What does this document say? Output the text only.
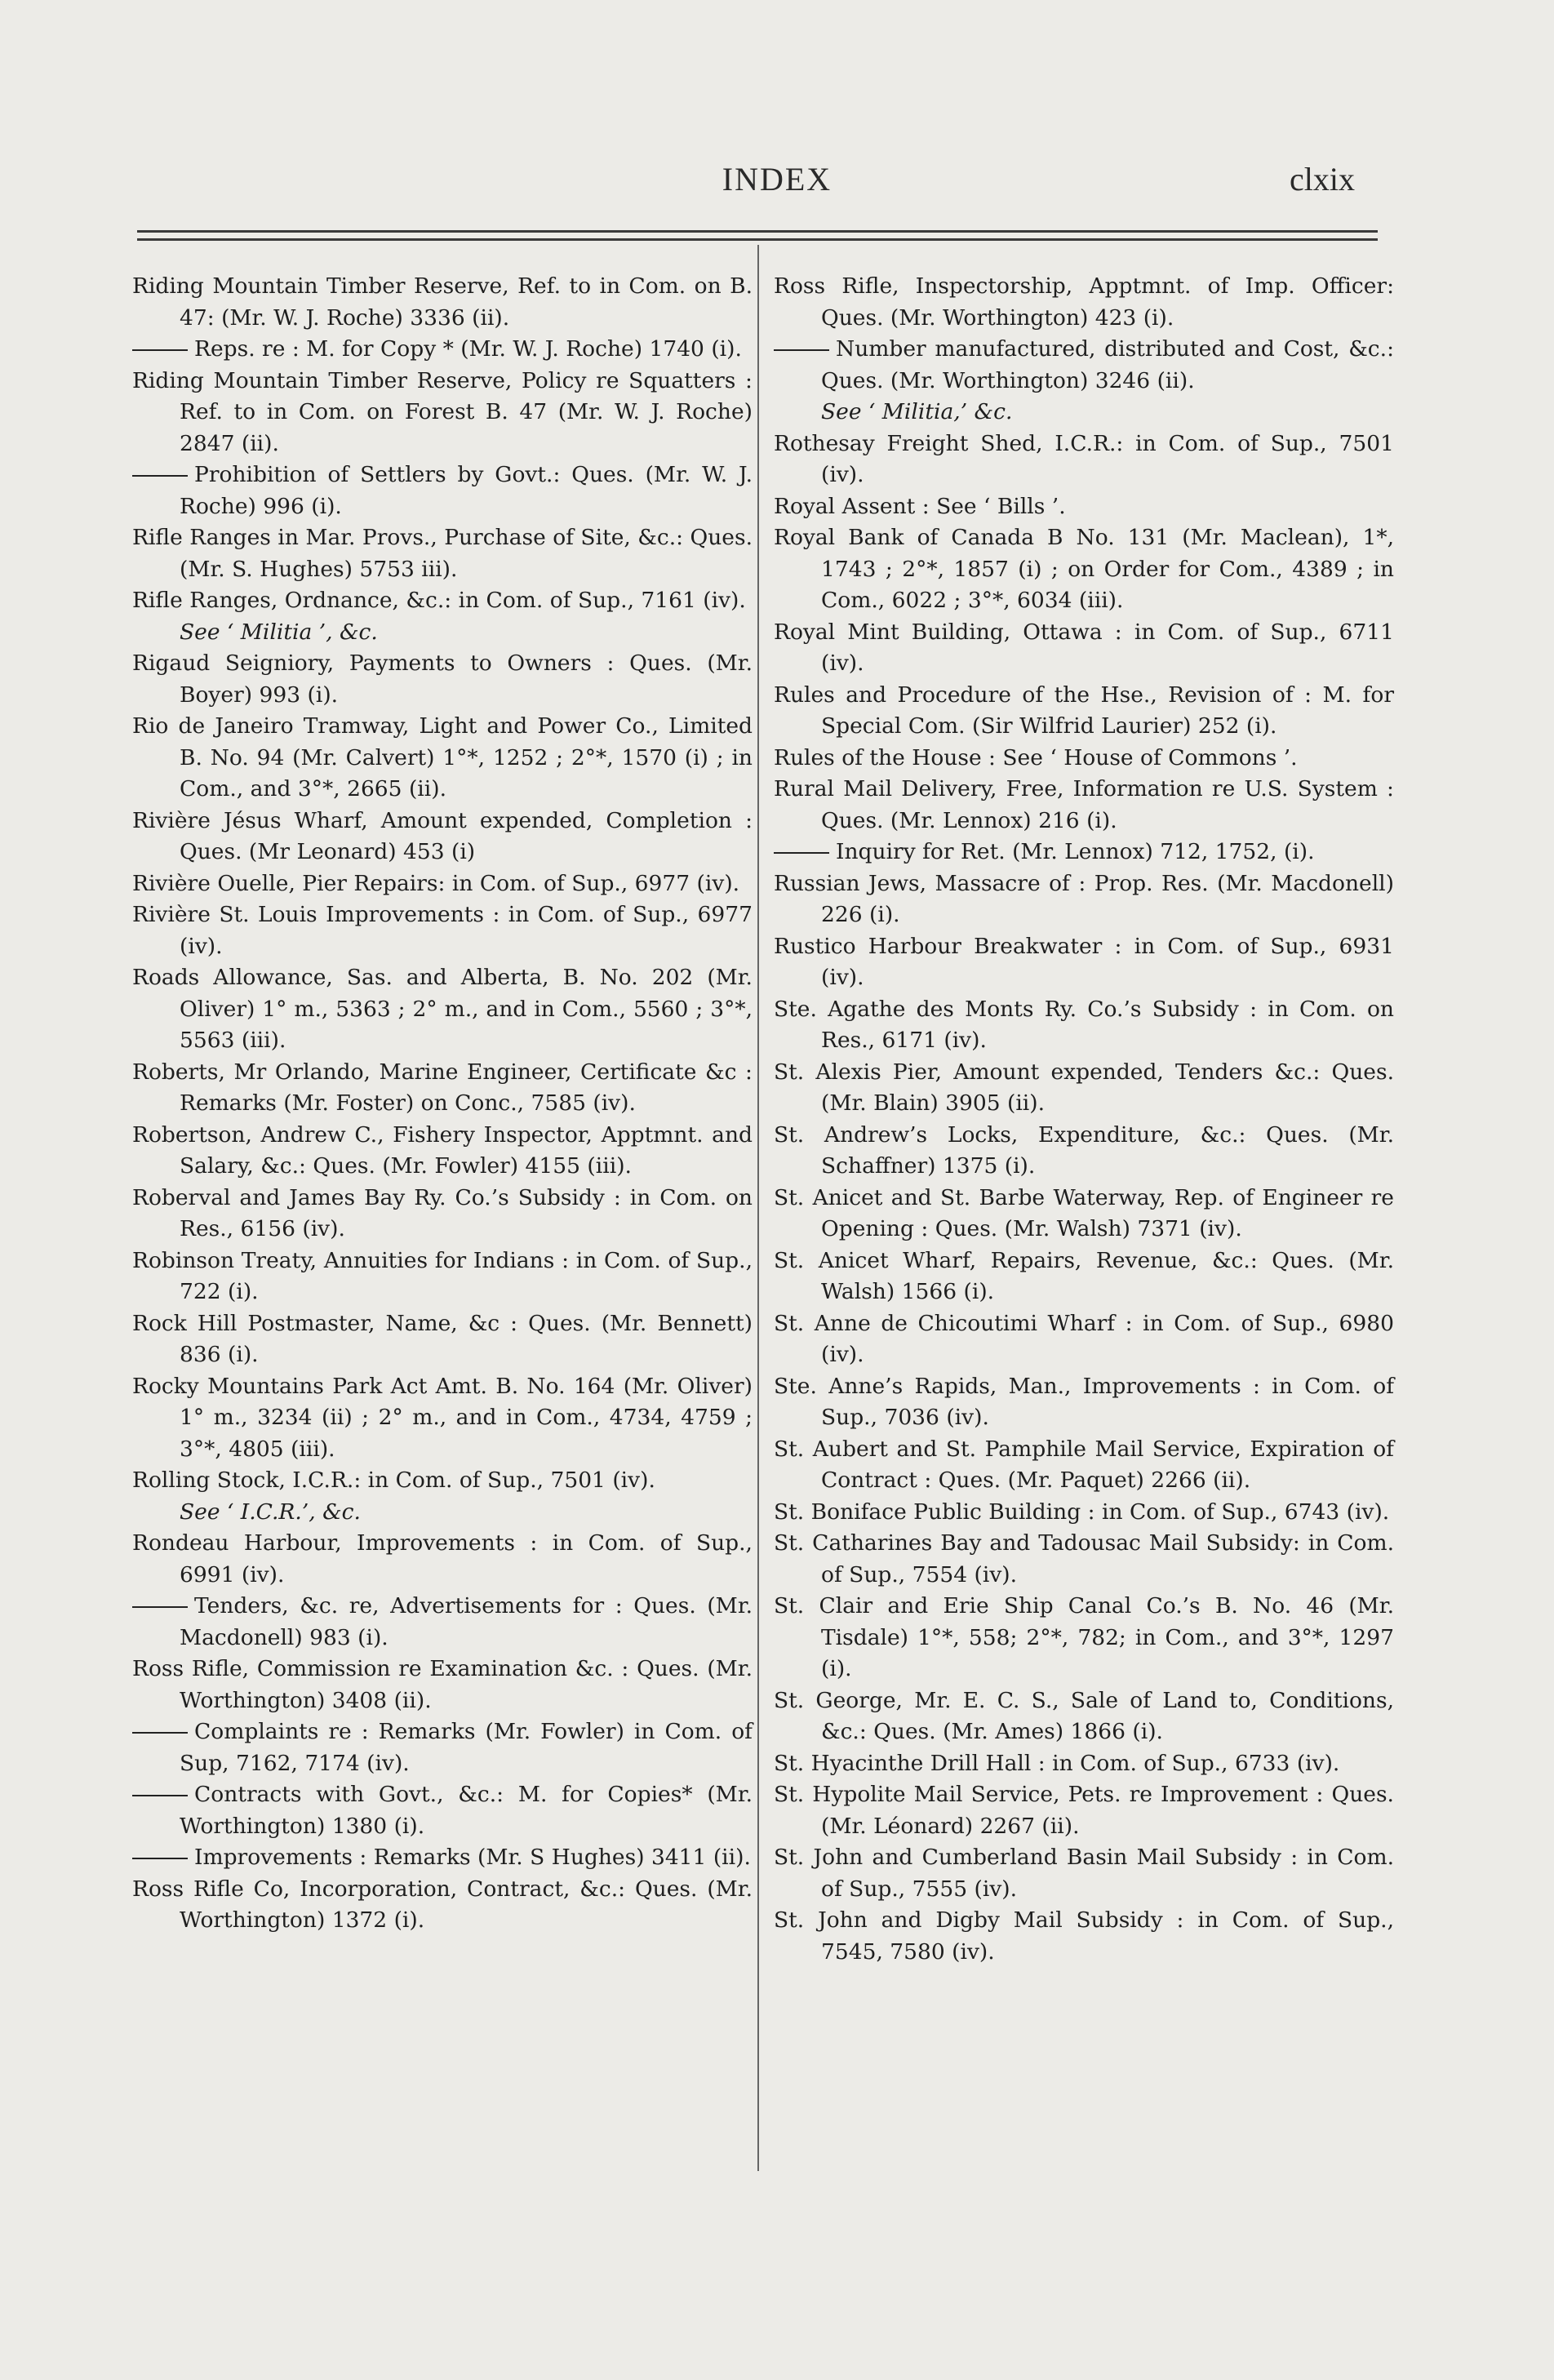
INDEX	clxix
Riding Mountain Timber Reserve, Ref. to in Com. on B. 47: (Mr. W. J. Roche) 3336 (ii).
Reps. re : M. for Copy * (Mr. W. J. Roche) 1740 (i).
Riding Mountain Timber Reserve, Policy re Squatters : Ref. to in Com. on Forest B. 47 (Mr. W. J. Roche) 2847 (ii).
Prohibition of Settlers by Govt.: Ques. (Mr. W. J. Roche) 996 (i).
Rifle Ranges in Mar. Provs., Purchase of Site, &c.: Ques. (Mr. S. Hughes) 5753 iii).
Rifle Ranges, Ordnance, &c.: in Com. of Sup., 7161 (iv).
See ‘ Militia ’, &c.
Rigaud Seigniory, Payments to Owners : Ques. (Mr. Boyer) 993 (i).
Rio de Janeiro Tramway, Light and Power Co., Limited B. No. 94 (Mr. Calvert) 1°*, 1252 ; 2°*, 1570 (i) ; in Com., and 3°*, 2665 (ii).
Rivière Jésus Wharf, Amount expended, Completion : Ques. (Mr Leonard) 453 (i)
Rivière Ouelle, Pier Repairs: in Com. of Sup., 6977 (iv).
Rivière St. Louis Improvements : in Com. of Sup., 6977 (iv).
Roads Allowance, Sas. and Alberta, B. No. 202 (Mr. Oliver) 1° m., 5363 ; 2° m., and in Com., 5560 ; 3°*, 5563 (iii).
Roberts, Mr Orlando, Marine Engineer, Certificate &c : Remarks (Mr. Foster) on Conc., 7585 (iv).
Robertson, Andrew C., Fishery Inspector, Apptmnt. and Salary, &c.: Ques. (Mr. Fowler) 4155 (iii).
Roberval and James Bay Ry. Co.’s Subsidy : in Com. on Res., 6156 (iv).
Robinson Treaty, Annuities for Indians : in Com. of Sup., 722 (i).
Rock Hill Postmaster, Name, &c : Ques. (Mr. Bennett) 836 (i).
Rocky Mountains Park Act Amt. B. No. 164 (Mr. Oliver) 1° m., 3234 (ii) ; 2° m., and in Com., 4734, 4759 ; 3°*, 4805 (iii).
Rolling Stock, I.C.R.: in Com. of Sup., 7501 (iv).
See ‘ I.C.R.’, &c.
Rondeau Harbour, Improvements : in Com. of Sup., 6991 (iv).
Tenders, &c. re, Advertisements for : Ques. (Mr. Macdonell) 983 (i).
Ross Rifle, Commission re Examination &c. : Ques. (Mr. Worthington) 3408 (ii).
Complaints re : Remarks (Mr. Fowler) in Com. of Sup, 7162, 7174 (iv).
Contracts with Govt., &c.: M. for Copies* (Mr. Worthington) 1380 (i).
Improvements : Remarks (Mr. S Hughes) 3411 (ii).
Ross Rifle Co, Incorporation, Contract, &c.: Ques. (Mr. Worthington) 1372 (i).
Ross Rifle, Inspectorship, Apptmnt. of Imp. Officer: Ques. (Mr. Worthington) 423 (i).
Number manufactured, distributed and Cost, &c.: Ques. (Mr. Worthington) 3246 (ii).
See ‘ Militia,’ &c.
Rothesay Freight Shed, I.C.R.: in Com. of Sup., 7501 (iv).
Royal Assent : See ‘ Bills ’.
Royal Bank of Canada B No. 131 (Mr. Maclean), 1*, 1743 ; 2°*, 1857 (i) ; on Order for Com., 4389 ; in Com., 6022 ; 3°*, 6034 (iii).
Royal Mint Building, Ottawa : in Com. of Sup., 6711 (iv).
Rules and Procedure of the Hse., Revision of : M. for Special Com. (Sir Wilfrid Laurier) 252 (i).
Rules of the House : See ‘ House of Commons ’.
Rural Mail Delivery, Free, Information re U.S. System : Ques. (Mr. Lennox) 216 (i).
Inquiry for Ret. (Mr. Lennox) 712, 1752, (i).
Russian Jews, Massacre of : Prop. Res. (Mr. Macdonell) 226 (i).
Rustico Harbour Breakwater : in Com. of Sup., 6931 (iv).
Ste. Agathe des Monts Ry. Co.’s Subsidy : in Com. on Res., 6171 (iv).
St. Alexis Pier, Amount expended, Tenders &c.: Ques. (Mr. Blain) 3905 (ii).
St. Andrew’s Locks, Expenditure, &c.: Ques. (Mr. Schaffner) 1375 (i).
St. Anicet and St. Barbe Waterway, Rep. of Engineer re Opening : Ques. (Mr. Walsh) 7371 (iv).
St. Anicet Wharf, Repairs, Revenue, &c.: Ques. (Mr. Walsh) 1566 (i).
St. Anne de Chicoutimi Wharf : in Com. of Sup., 6980 (iv).
Ste. Anne’s Rapids, Man., Improvements : in Com. of Sup., 7036 (iv).
St. Aubert and St. Pamphile Mail Service, Expiration of Contract : Ques. (Mr. Paquet) 2266 (ii).
St. Boniface Public Building : in Com. of Sup., 6743 (iv).
St. Catharines Bay and Tadousac Mail Subsidy: in Com. of Sup., 7554 (iv).
St. Clair and Erie Ship Canal Co.’s B. No. 46 (Mr. Tisdale) 1°*, 558; 2°*, 782; in Com., and 3°*, 1297 (i).
St. George, Mr. E. C. S., Sale of Land to, Conditions, &c.: Ques. (Mr. Ames) 1866 (i).
St. Hyacinthe Drill Hall : in Com. of Sup., 6733 (iv).
St. Hypolite Mail Service, Pets. re Improvement : Ques. (Mr. Léonard) 2267 (ii).
St. John and Cumberland Basin Mail Subsidy : in Com. of Sup., 7555 (iv).
St. John and Digby Mail Subsidy : in Com. of Sup., 7545, 7580 (iv).
